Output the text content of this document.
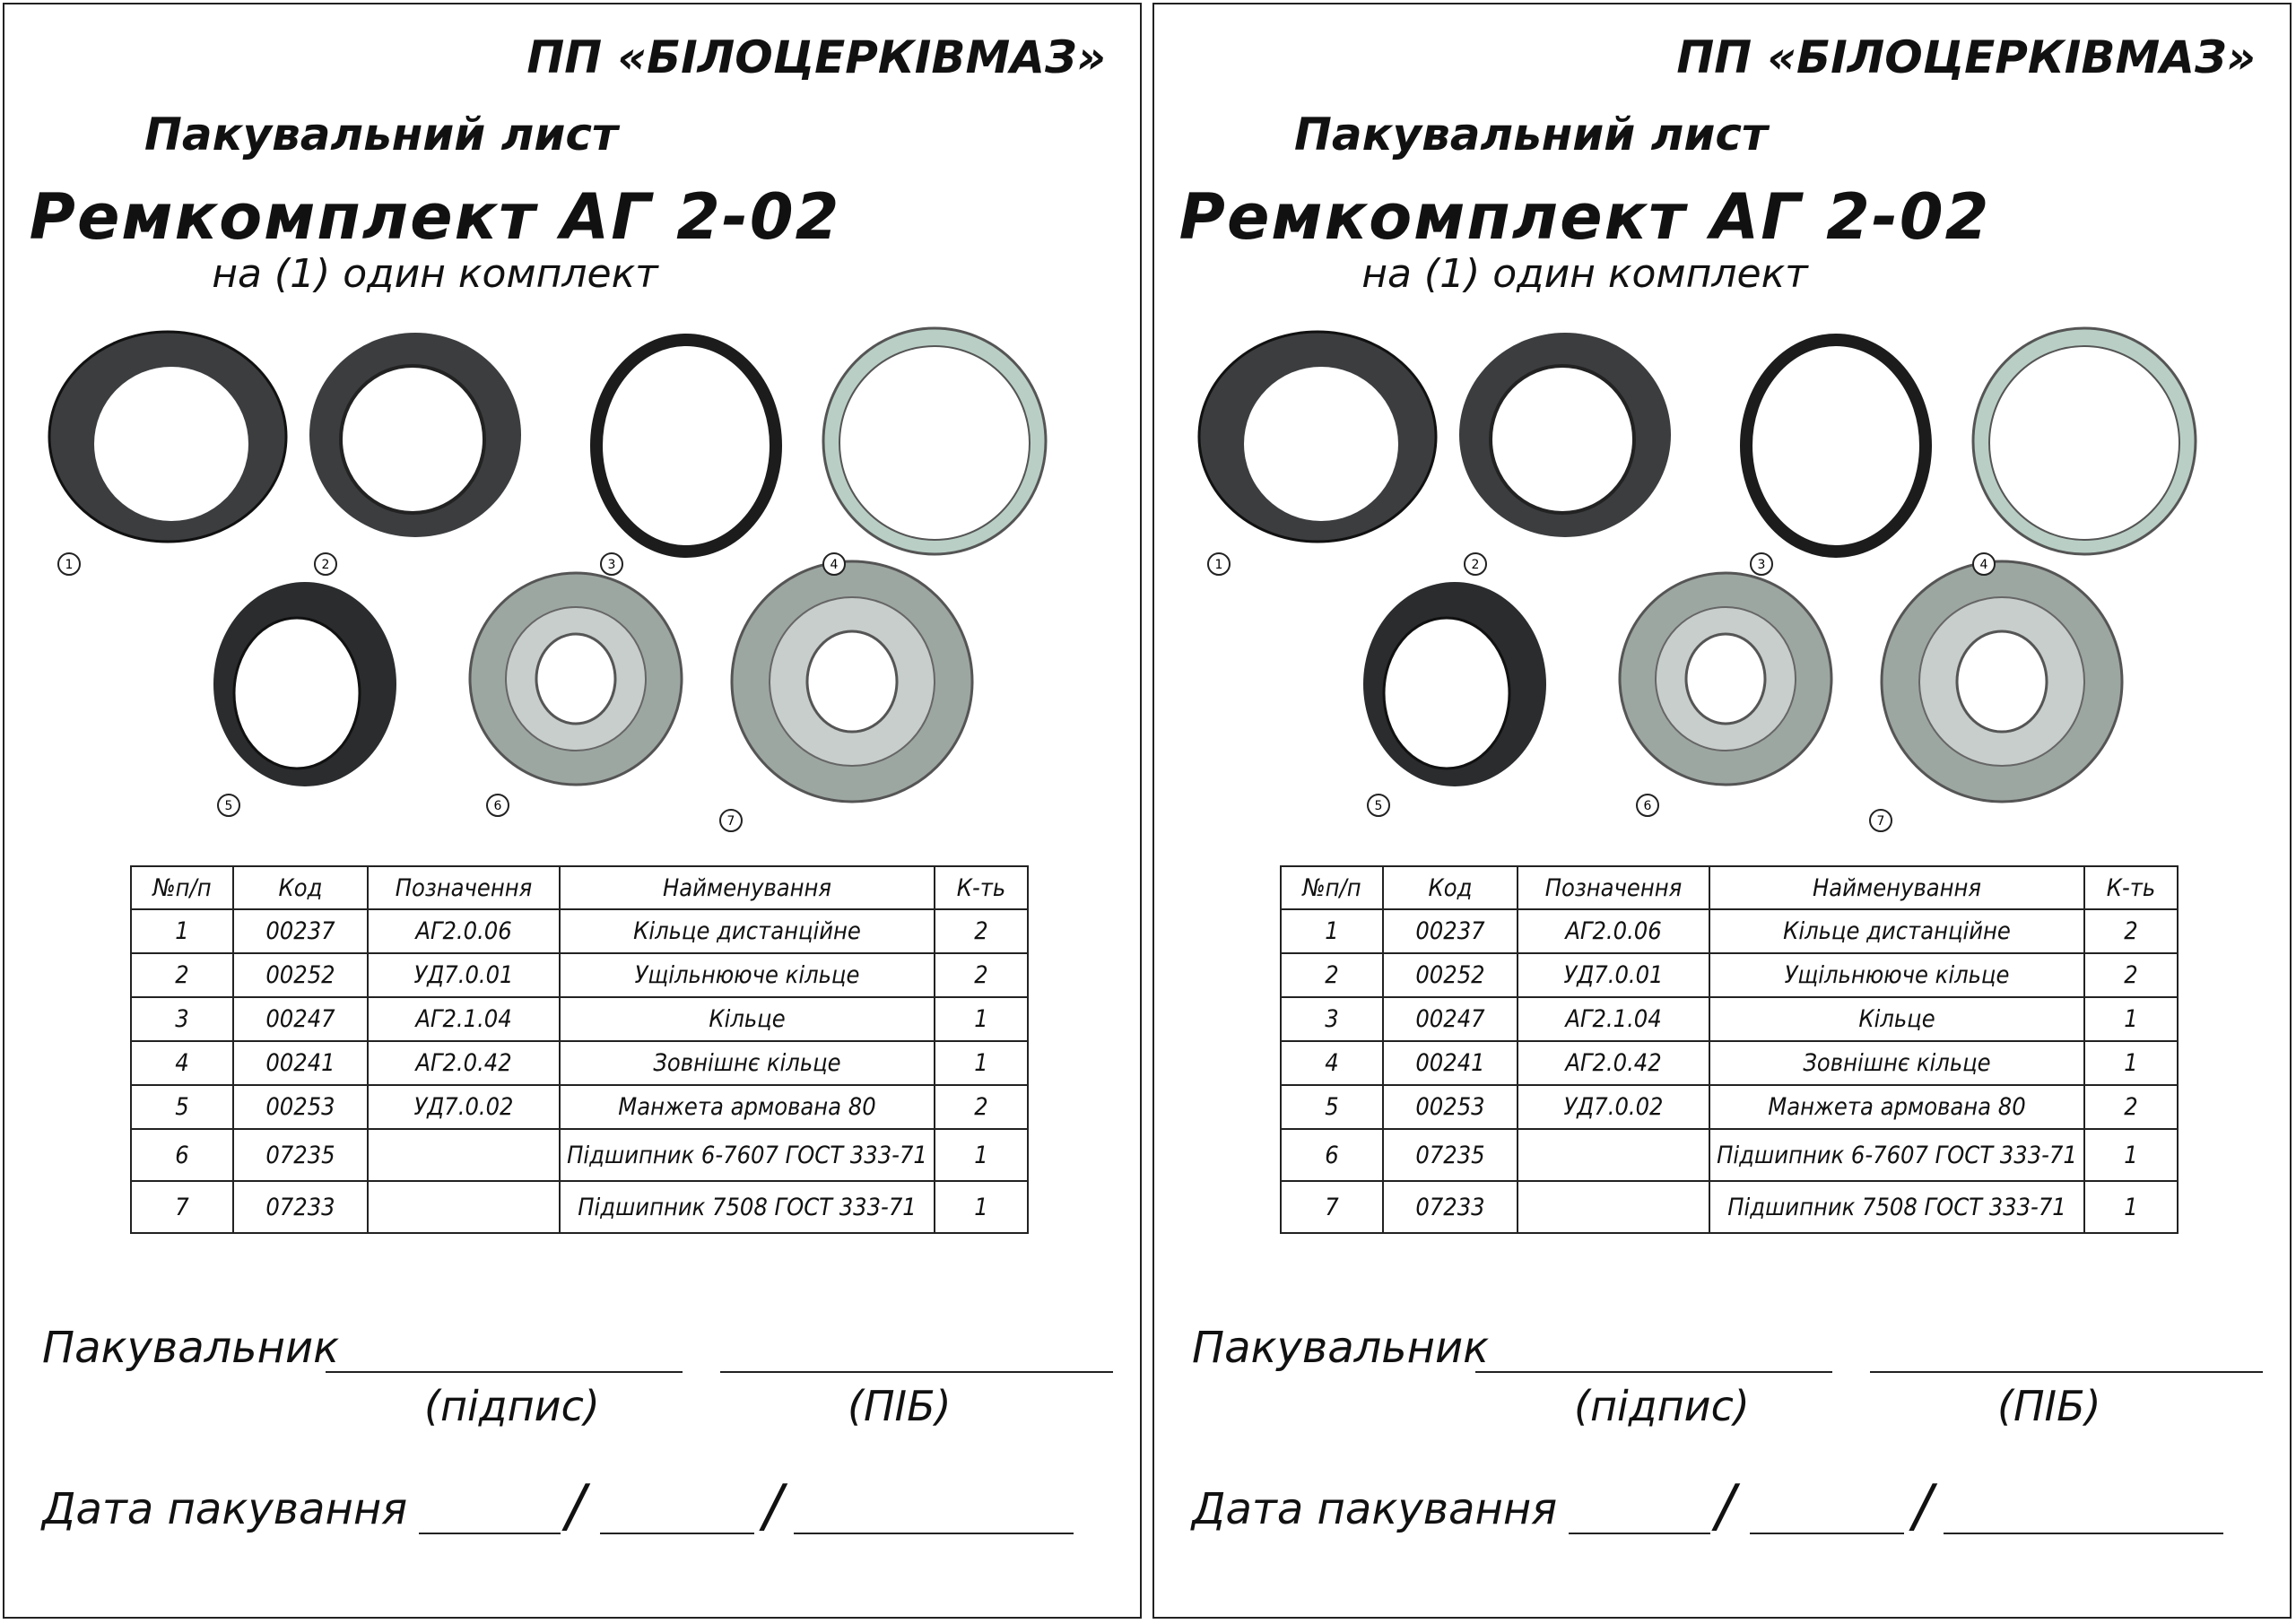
ПП «БІЛОЦЕРКІВМАЗ»
Пакувальний лист
Ремкомплект АГ 2-02
на (1) один комплект
1	2	3	4
5	6
7
№п/п	Код	Позначення	Найменування	К-ть
1	00237	АГ2.0.06	Кільце дистанційне	2
2	00252	УД7.0.01	Ущільнююче кільце	2
3	00247	АГ2.1.04	Кільце	1
4	00241	АГ2.0.42	Зовнішнє кільце	1
5	00253	УД7.0.02	Манжета армована 80	2
6	07235		Підшипник 6-7607 ГОСТ 333-71	1
7	07233		Підшипник 7508 ГОСТ 333-71	1
Пакувальник
(підпис)	(ПІБ)
Дата пакування	/	/
ПП «БІЛОЦЕРКІВМАЗ»
Пакувальний лист
Ремкомплект АГ 2-02
на (1) один комплект
1	2	3	4
5	6
7
№п/п	Код	Позначення	Найменування	К-ть
1	00237	АГ2.0.06	Кільце дистанційне	2
2	00252	УД7.0.01	Ущільнююче кільце	2
3	00247	АГ2.1.04	Кільце	1
4	00241	АГ2.0.42	Зовнішнє кільце	1
5	00253	УД7.0.02	Манжета армована 80	2
6	07235		Підшипник 6-7607 ГОСТ 333-71	1
7	07233		Підшипник 7508 ГОСТ 333-71	1
Пакувальник
(підпис)	(ПІБ)
Дата пакування	/	/
